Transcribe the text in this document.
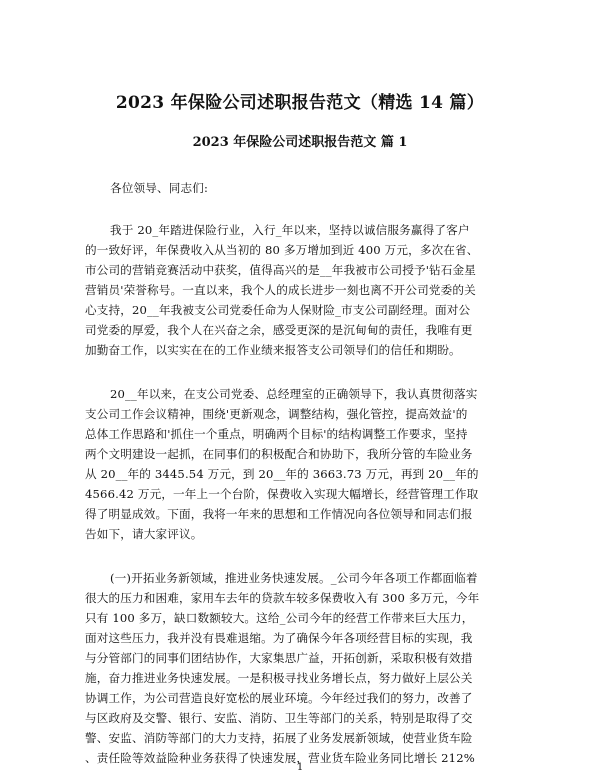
2023 年保险公司述职报告范文（精选 14 篇）
2023 年保险公司述职报告范文 篇 1
各位领导、同志们:
我于 20_年踏进保险行业，入行_年以来，坚持以诚信服务赢得了客户
的一致好评，年保费收入从当初的 80 多万增加到近 400 万元，多次在省、
市公司的营销竞赛活动中获奖，值得高兴的是__年我被市公司授予'钻石金星
营销员'荣誉称号。一直以来，我个人的成长进步一刻也离不开公司党委的关
心支持，20__年我被支公司党委任命为人保财险_市支公司副经理。面对公
司党委的厚爱，我个人在兴奋之余，感受更深的是沉甸甸的责任，我唯有更
加勤奋工作，以实实在在的工作业绩来报答支公司领导们的信任和期盼。
20__年以来，在支公司党委、总经理室的正确领导下，我认真贯彻落实
支公司工作会议精神，围绕'更新观念，调整结构，强化管控，提高效益'的
总体工作思路和'抓住一个重点，明确两个目标'的结构调整工作要求，坚持
两个文明建设一起抓，在同事们的积极配合和协助下，我所分管的车险业务
从 20__年的 3445.54 万元，到 20__年的 3663.73 万元，再到 20__年的
4566.42 万元，一年上一个台阶，保费收入实现大幅增长，经营管理工作取
得了明显成效。下面，我将一年来的思想和工作情况向各位领导和同志们报
告如下，请大家评议。
(一)开拓业务新领域，推进业务快速发展。_公司今年各项工作都面临着
很大的压力和困难，家用车去年的贷款车较多保费收入有 300 多万元，今年
只有 100 多万，缺口数额较大。这给_公司今年的经营工作带来巨大压力，
面对这些压力，我并没有畏难退缩。为了确保今年各项经营目标的实现，我
与分管部门的同事们团结协作，大家集思广益，开拓创新，采取积极有效措
施，奋力推进业务快速发展。一是积极寻找业务增长点，努力做好上层公关
协调工作，为公司营造良好宽松的展业环境。今年经过我们的努力，改善了
与区政府及交警、银行、安监、消防、卫生等部门的关系，特别是取得了交
警、安监、消防等部门的大力支持，拓展了业务发展新领域，使营业货车险
、责任险等效益险种业务获得了快速发展，营业货车险业务同比增长 212%
1
